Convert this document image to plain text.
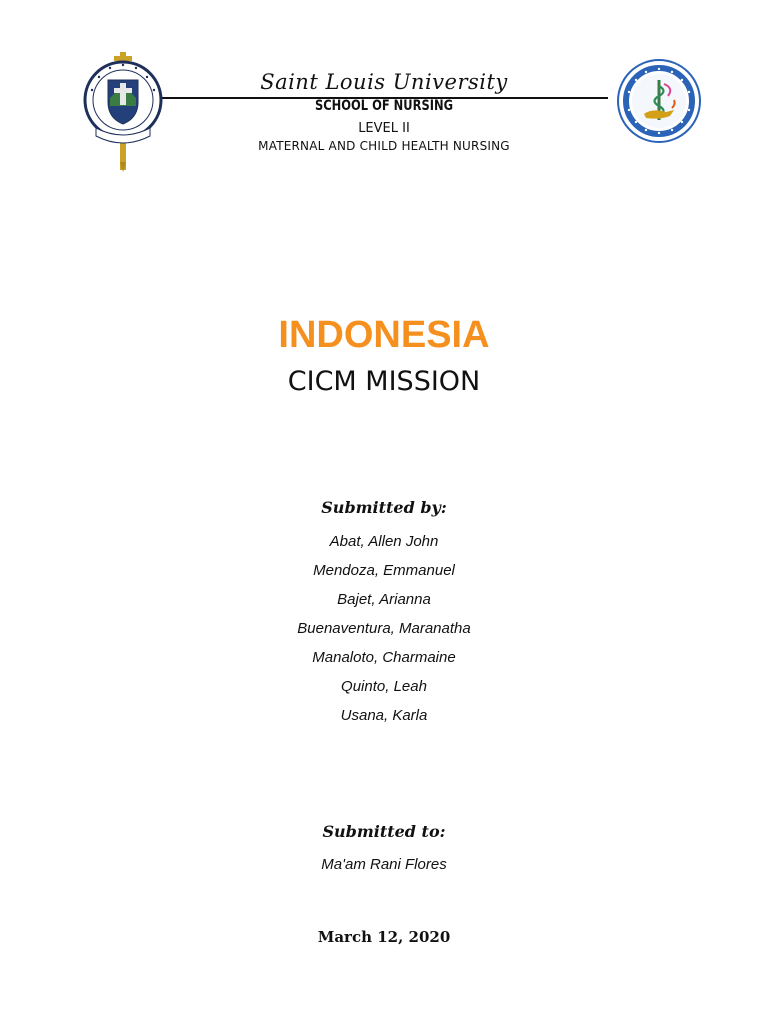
Saint Louis University
SCHOOL OF NURSING
LEVEL II
MATERNAL AND CHILD HEALTH NURSING
INDONESIA
CICM MISSION
Submitted by:
Abat, Allen John
Mendoza, Emmanuel
Bajet, Arianna
Buenaventura, Maranatha
Manaloto, Charmaine
Quinto, Leah
Usana, Karla
Submitted to:
Ma'am Rani Flores
March 12, 2020
